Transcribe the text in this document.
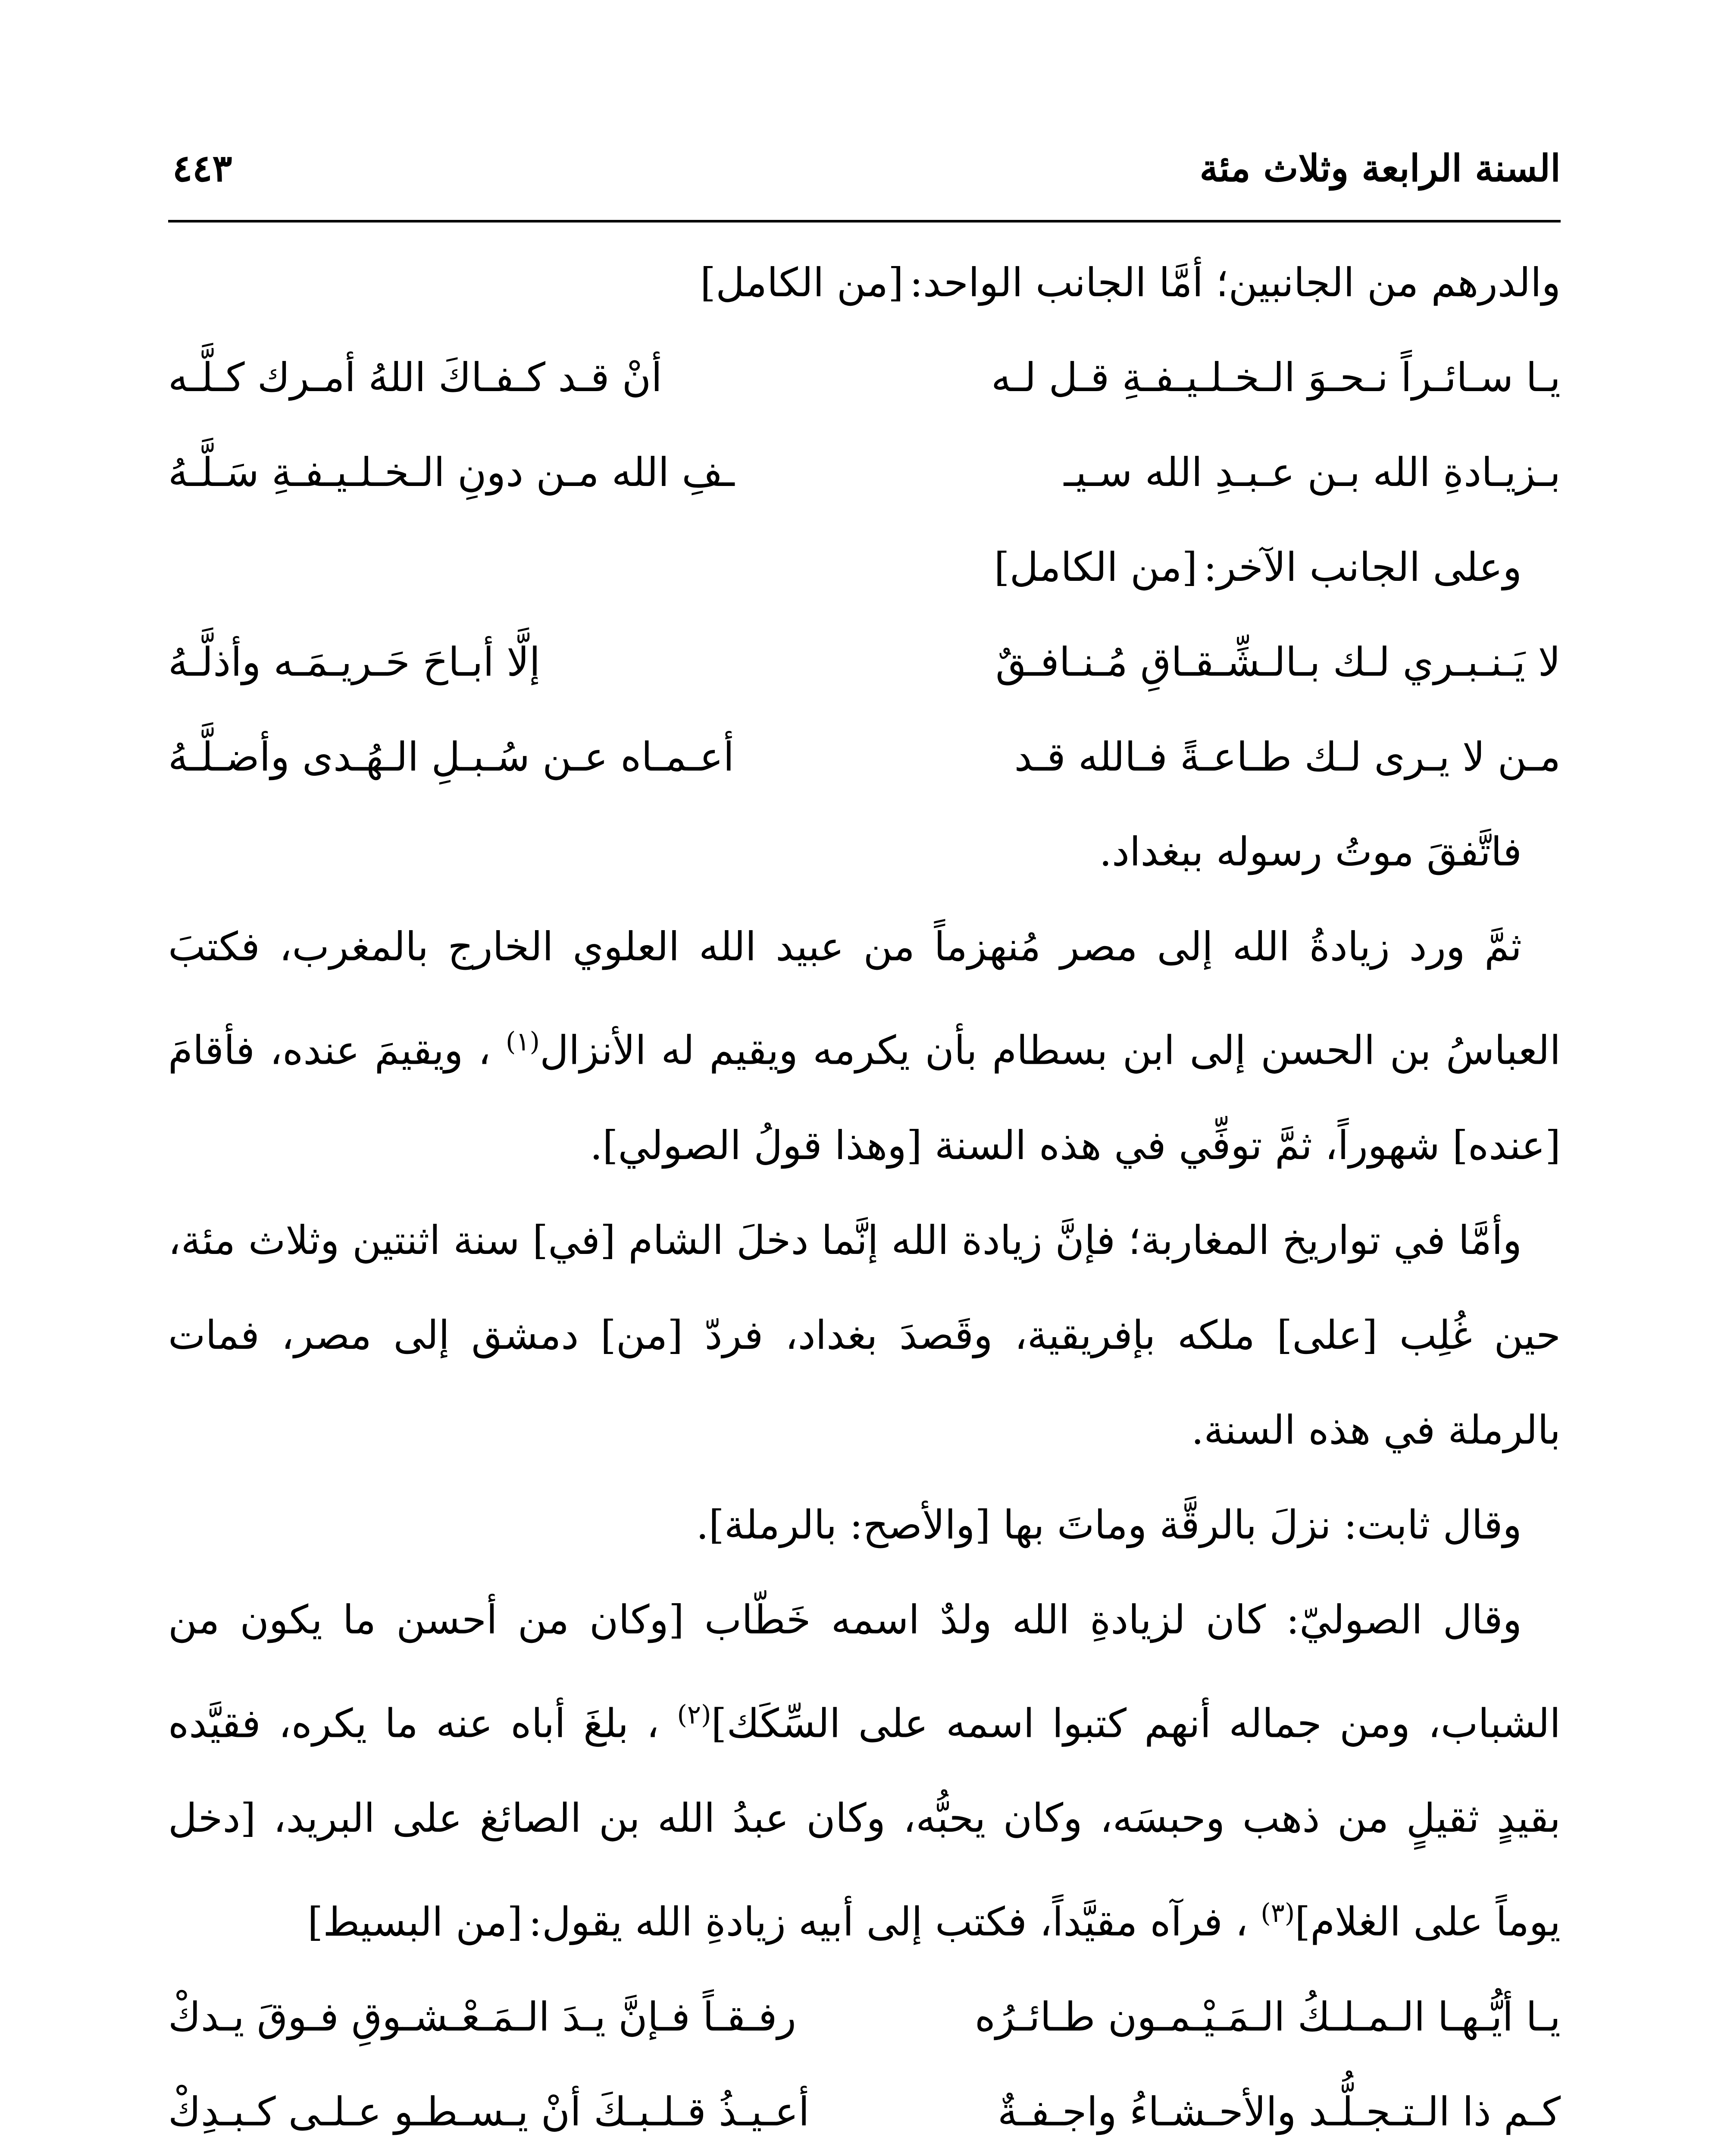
السنة الرابعة وثلاث مئة
٤٤٣

والدرهم من الجانبين؛ أمَّا الجانب الواحد:[من الكامل]

يـا سـائـراً نـحـوَ الـخـلـيـفـةِ قـل لـه
أنْ قـد كـفـاكَ اللهُ أمـرك كـلَّـه
بـزيـادةِ الله بـن عـبـدِ الله سـيـ
ـفِ الله مـن دونِ الـخـلـيـفـةِ سَـلَّـهُ

وعلى الجانب الآخر:[من الكامل]

لا يَـنـبـري لـك بـالـشِّـقـاقِ مُـنـافـقٌ
إلَّا أبـاحَ حَـريـمَـه وأذلَّـهُ
مـن لا يـرى لـك طـاعـةً فـالله قـد
أعـمـاه عـن سُـبـلِ الـهُـدى وأضـلَّـهُ

فاتَّفقَ موتُ رسوله ببغداد.

ثمَّ ورد زيادةُ الله إلى مصر مُنهزماً من عبيد الله العلوي الخارج بالمغرب، فكتبَ العباسُ بن الحسن إلى ابن بسطام بأن يكرمه ويقيم له الأنزال$^{(١)}$ ، ويقيمَ عنده، فأقامَ [عنده] شهوراً، ثمَّ توفِّي في هذه السنة [وهذا قولُ الصولي].

وأمَّا في تواريخ المغاربة؛ فإنَّ زيادة الله إنَّما دخلَ الشام [في] سنة اثنتين وثلاث مئة، حين غُلِب [على] ملكه بإفريقية، وقَصدَ بغداد، فردّ [من] دمشق إلى مصر، فمات بالرملة في هذه السنة.

وقال ثابت: نزلَ بالرقَّة وماتَ بها [والأصح: بالرملة].

وقال الصوليّ: كان لزيادةِ الله ولدٌ اسمه خَطّاب [وكان من أحسن ما يكون من الشباب، ومن جماله أنهم كتبوا اسمه على السِّكَك]$^{(٢)}$ ، بلغَ أباه عنه ما يكره، فقيَّده بقيدٍ ثقيلٍ من ذهب وحبسَه، وكان يحبُّه، وكان عبدُ الله بن الصائغ على البريد، [دخل يوماً على الغلام]$^{(٣)}$ ، فرآه مقيَّداً، فكتب إلى أبيه زيادةِ الله يقول:[من البسيط]

يـا أيُّـهـا الـمـلـكُ الـمَـيْـمـون طـائـرُه
رفـقـاً فـإنَّ يـدَ الـمَـعْـشـوقِ فـوقَ يـدكْ
كـم ذا الـتـجـلُّـد والأحـشـاءُ واجـفـةٌ
أعـيـذُ قـلـبـكَ أنْ يـسـطـو عـلـى كـبـدِكْ
